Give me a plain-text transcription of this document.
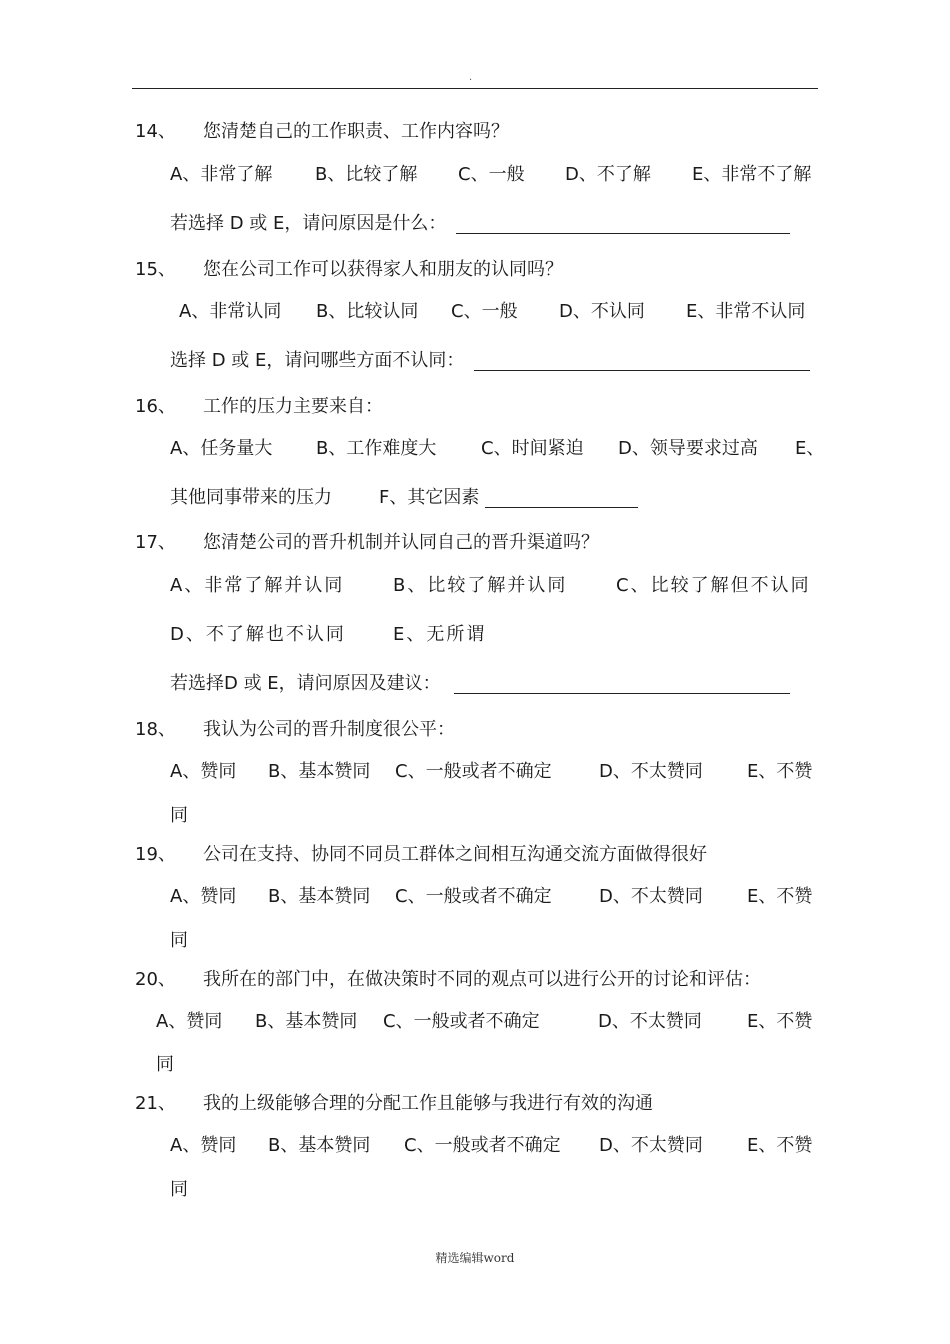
.
14、 您清楚自己的工作职责、工作内容吗？
A、非常了解 B、比较了解 C、一般 D、不了解 E、非常不了解
若选择 D 或 E，请问原因是什么：
15、 您在公司工作可以获得家人和朋友的认同吗？
A、非常认同 B、比较认同 C、一般 D、不认同 E、非常不认同
选择 D 或 E，请问哪些方面不认同：
16、 工作的压力主要来自：
A、任务量大 B、工作难度大 C、时间紧迫 D、领导要求过高 E、
其他同事带来的压力	F、其它因素
17、 您清楚公司的晋升机制并认同自己的晋升渠道吗？
A、非常了解并认同	B、比较了解并认同	C、比较了解但不认同
D、不了解也不认同	E、无所谓
若选择D 或 E，请问原因及建议：
18、 我认为公司的晋升制度很公平：
A、赞同 B、基本赞同 C、一般或者不确定	D、不太赞同 E、不赞
同
19、 公司在支持、协同不同员工群体之间相互沟通交流方面做得很好
A、赞同 B、基本赞同 C、一般或者不确定	D、不太赞同 E、不赞
同
20、 我所在的部门中，在做决策时不同的观点可以进行公开的讨论和评估：
A、赞同 B、基本赞同 C、一般或者不确定	D、不太赞同	E、不赞
同
21、 我的上级能够合理的分配工作且能够与我进行有效的沟通
A、赞同 B、基本赞同 C、一般或者不确定 D、不太赞同 E、不赞
同
精选编辑word
